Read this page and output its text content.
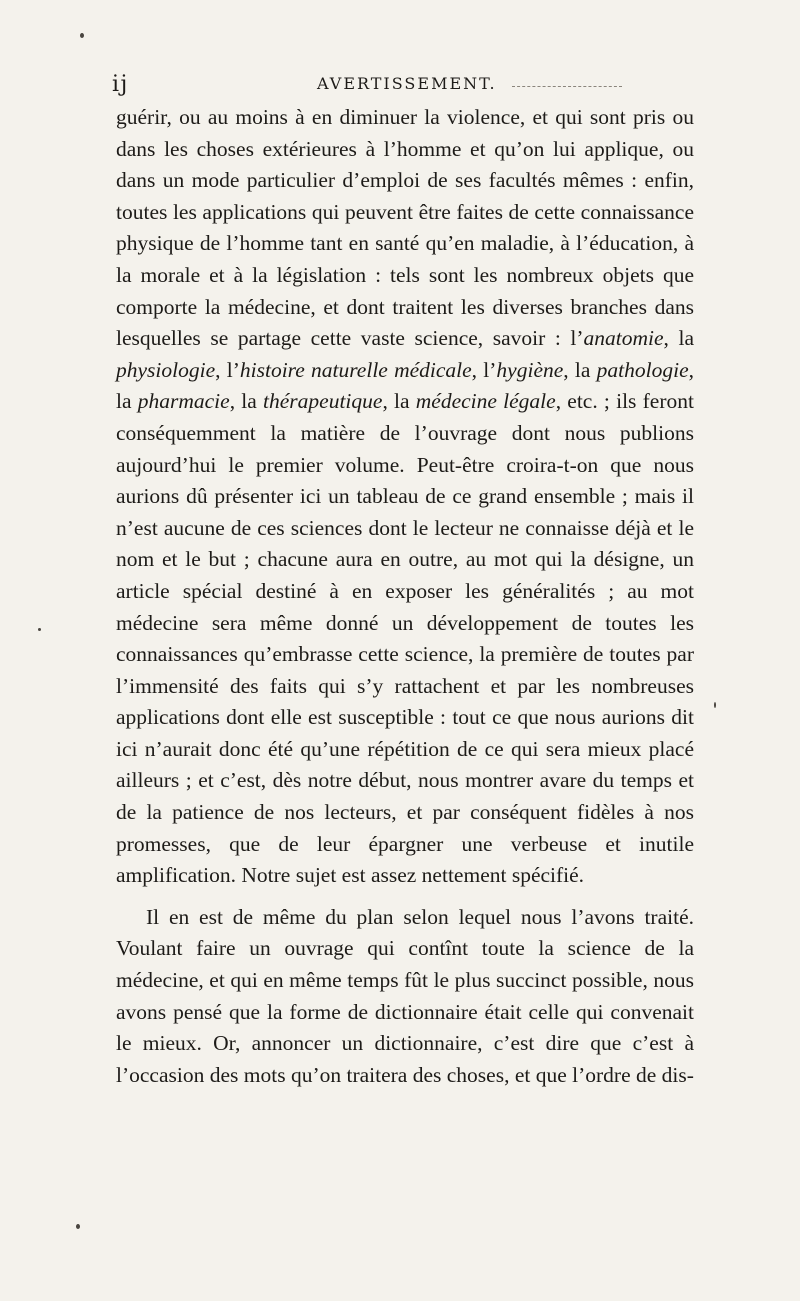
ij	AVERTISSEMENT.

guérir, ou au moins à en diminuer la violence, et qui sont pris ou dans les choses extérieures à l’homme et qu’on lui applique, ou dans un mode particulier d’emploi de ses facultés mêmes : enfin, toutes les applications qui peuvent être faites de cette connaissance physique de l’homme tant en santé qu’en maladie, à l’éducation, à la morale et à la législation : tels sont les nombreux objets que comporte la médecine, et dont traitent les diverses branches dans lesquelles se partage cette vaste science, savoir : l’anatomie, la physiologie, l’histoire naturelle médicale, l’hygiène, la pathologie, la pharmacie, la thérapeutique, la médecine légale, etc. ; ils feront conséquemment la matière de l’ouvrage dont nous publions aujourd’hui le premier volume. Peut-être croira-t-on que nous aurions dû présenter ici un tableau de ce grand ensemble ; mais il n’est aucune de ces sciences dont le lecteur ne connaisse déjà et le nom et le but ; chacune aura en outre, au mot qui la désigne, un article spécial destiné à en exposer les généralités ; au mot médecine sera même donné un développement de toutes les connaissances qu’embrasse cette science, la première de toutes par l’immensité des faits qui s’y rattachent et par les nombreuses applications dont elle est susceptible : tout ce que nous aurions dit ici n’aurait donc été qu’une répétition de ce qui sera mieux placé ailleurs ; et c’est, dès notre début, nous montrer avare du temps et de la patience de nos lecteurs, et par conséquent fidèles à nos promesses, que de leur épargner une verbeuse et inutile amplification. Notre sujet est assez nettement spécifié.

Il en est de même du plan selon lequel nous l’avons traité. Voulant faire un ouvrage qui contînt toute la science de la médecine, et qui en même temps fût le plus succinct possible, nous avons pensé que la forme de dictionnaire était celle qui convenait le mieux. Or, annoncer un dictionnaire, c’est dire que c’est à l’occasion des mots qu’on traitera des choses, et que l’ordre de dis-
